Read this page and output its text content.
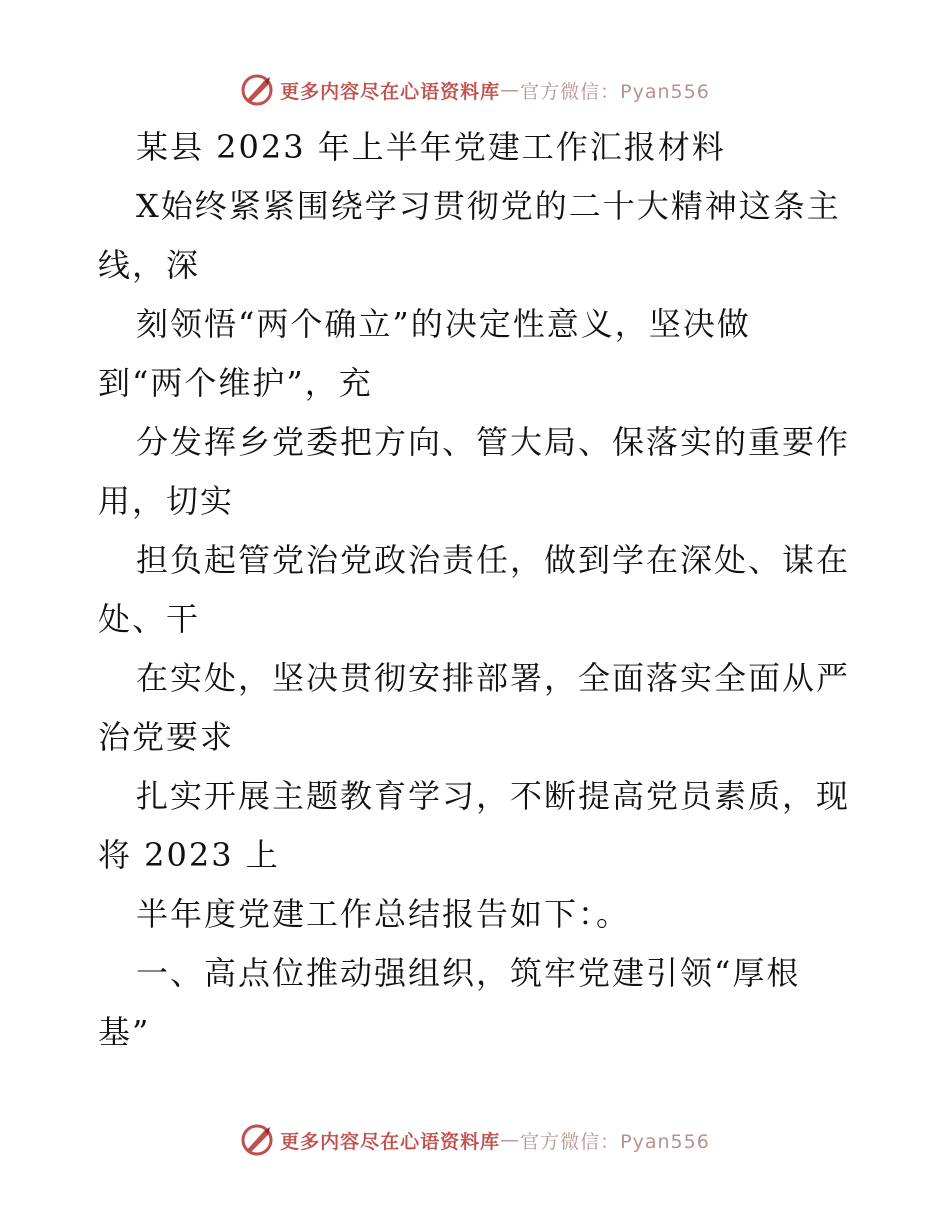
更多内容尽在心语资料库 — 官方微信：Pyan556

某县 2023 年上半年党建工作汇报材料

X始终紧紧围绕学习贯彻党的二十大精神这条主

线，深

刻领悟“两个确立”的决定性意义，坚决做

到“两个维护”，充

分发挥乡党委把方向、管大局、保落实的重要作

用，切实

担负起管党治党政治责任，做到学在深处、谋在

处、干

在实处，坚决贯彻安排部署，全面落实全面从严

治党要求

扎实开展主题教育学习，不断提高党员素质，现

将 2023 上

半年度党建工作总结报告如下：。

一、高点位推动强组织，筑牢党建引领“厚根

基”

更多内容尽在心语资料库 — 官方微信：Pyan556
